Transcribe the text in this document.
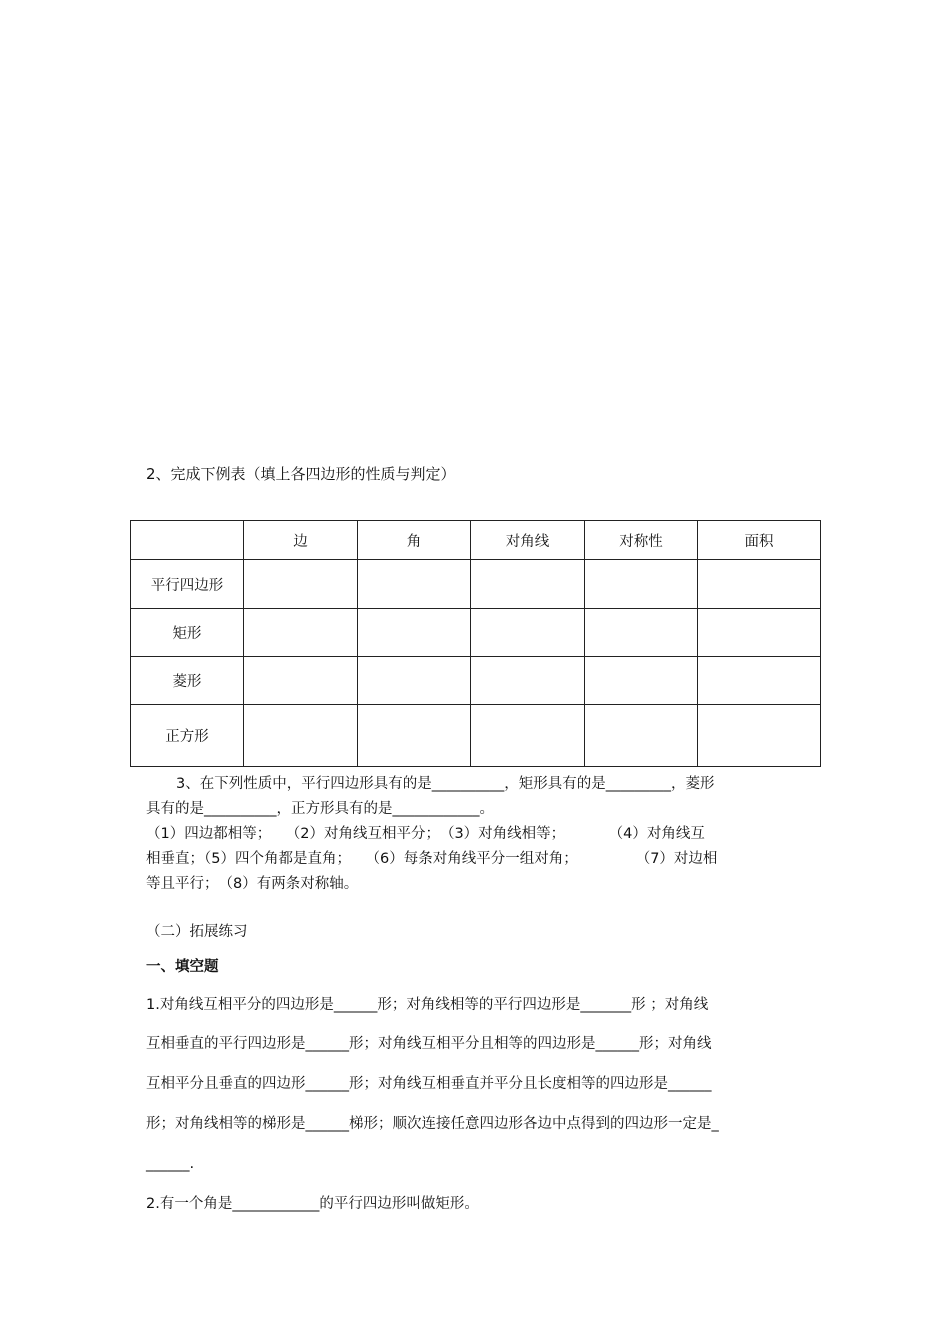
2、完成下例表（填上各四边形的性质与判定）
	边	角	对角线	对称性	面积
平行四边形					
矩形					
菱形					
正方形					
3、在下列性质中，平行四边形具有的是__________，矩形具有的是_________，菱形
具有的是__________，正方形具有的是____________。
（1）四边都相等；　　（2）对角线互相平分；　（3）对角线相等；　　　　（4）对角线互
相垂直；（5）四个角都是直角；　　（6）每条对角线平分一组对角；　　　　　（7）对边相
等且平行；　（8）有两条对称轴。
（二）拓展练习
一、填空题
1.对角线互相平分的四边形是______形；对角线相等的平行四边形是_______形 ；对角线
互相垂直的平行四边形是______形；对角线互相平分且相等的四边形是______形；对角线
互相平分且垂直的四边形______形；对角线互相垂直并平分且长度相等的四边形是______
形；对角线相等的梯形是______梯形；顺次连接任意四边形各边中点得到的四边形一定是_
______.
2.有一个角是____________的平行四边形叫做矩形。
